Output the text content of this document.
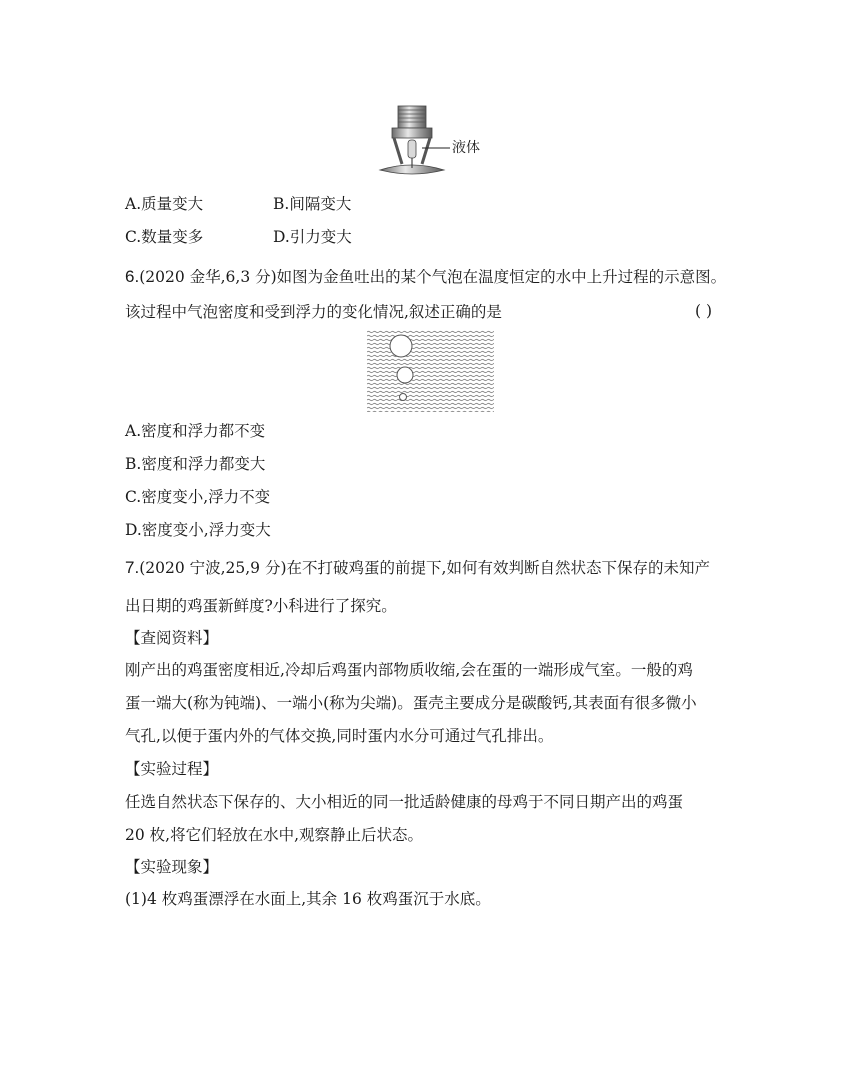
液体
A.质量变大	B.间隔变大
C.数量变多	D.引力变大
6.(2020 金华,6,3 分)如图为金鱼吐出的某个气泡在温度恒定的水中上升过程的示意图。
该过程中气泡密度和受到浮力的变化情况,叙述正确的是	( )
A.密度和浮力都不变
B.密度和浮力都变大
C.密度变小,浮力不变
D.密度变小,浮力变大
7.(2020 宁波,25,9 分)在不打破鸡蛋的前提下,如何有效判断自然状态下保存的未知产
出日期的鸡蛋新鲜度?小科进行了探究。
【查阅资料】
刚产出的鸡蛋密度相近,冷却后鸡蛋内部物质收缩,会在蛋的一端形成气室。一般的鸡
蛋一端大(称为钝端)、一端小(称为尖端)。蛋壳主要成分是碳酸钙,其表面有很多微小
气孔,以便于蛋内外的气体交换,同时蛋内水分可通过气孔排出。
【实验过程】
任选自然状态下保存的、大小相近的同一批适龄健康的母鸡于不同日期产出的鸡蛋
20 枚,将它们轻放在水中,观察静止后状态。
【实验现象】
(1)4 枚鸡蛋漂浮在水面上,其余 16 枚鸡蛋沉于水底。
